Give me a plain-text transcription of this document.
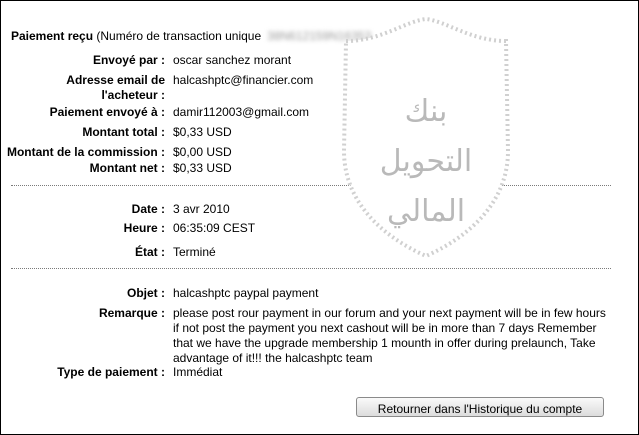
Paiement reçu (Numéro de transaction unique 38N612159N16353
Envoyé par : oscar sanchez morant
Adresse email de
l'acheteur :
halcashptc@financier.com
Paiement envoyé à : damir112003@gmail.com
Montant total : $0,33 USD
Montant de la commission : $0,00 USD
Montant net : $0,33 USD
Date : 3 avr 2010
Heure : 06:35:09 CEST
État : Terminé
Objet : halcashptc paypal payment
Remarque : please post rour payment in our forum and your next payment will be in few hours if not post the payment you next cashout will be in more than 7 days Remember that we have the upgrade membership 1 mounth in offer during prelaunch, Take advantage of it!!! the halcashptc team
Type de paiement : Immédiat
ﺑﻨﻚ
ﺍﻟﺘﺤﻮﻳﻞ
ﺍﻟﻤﺎﻟﻲ
Retourner dans l'Historique du compte
